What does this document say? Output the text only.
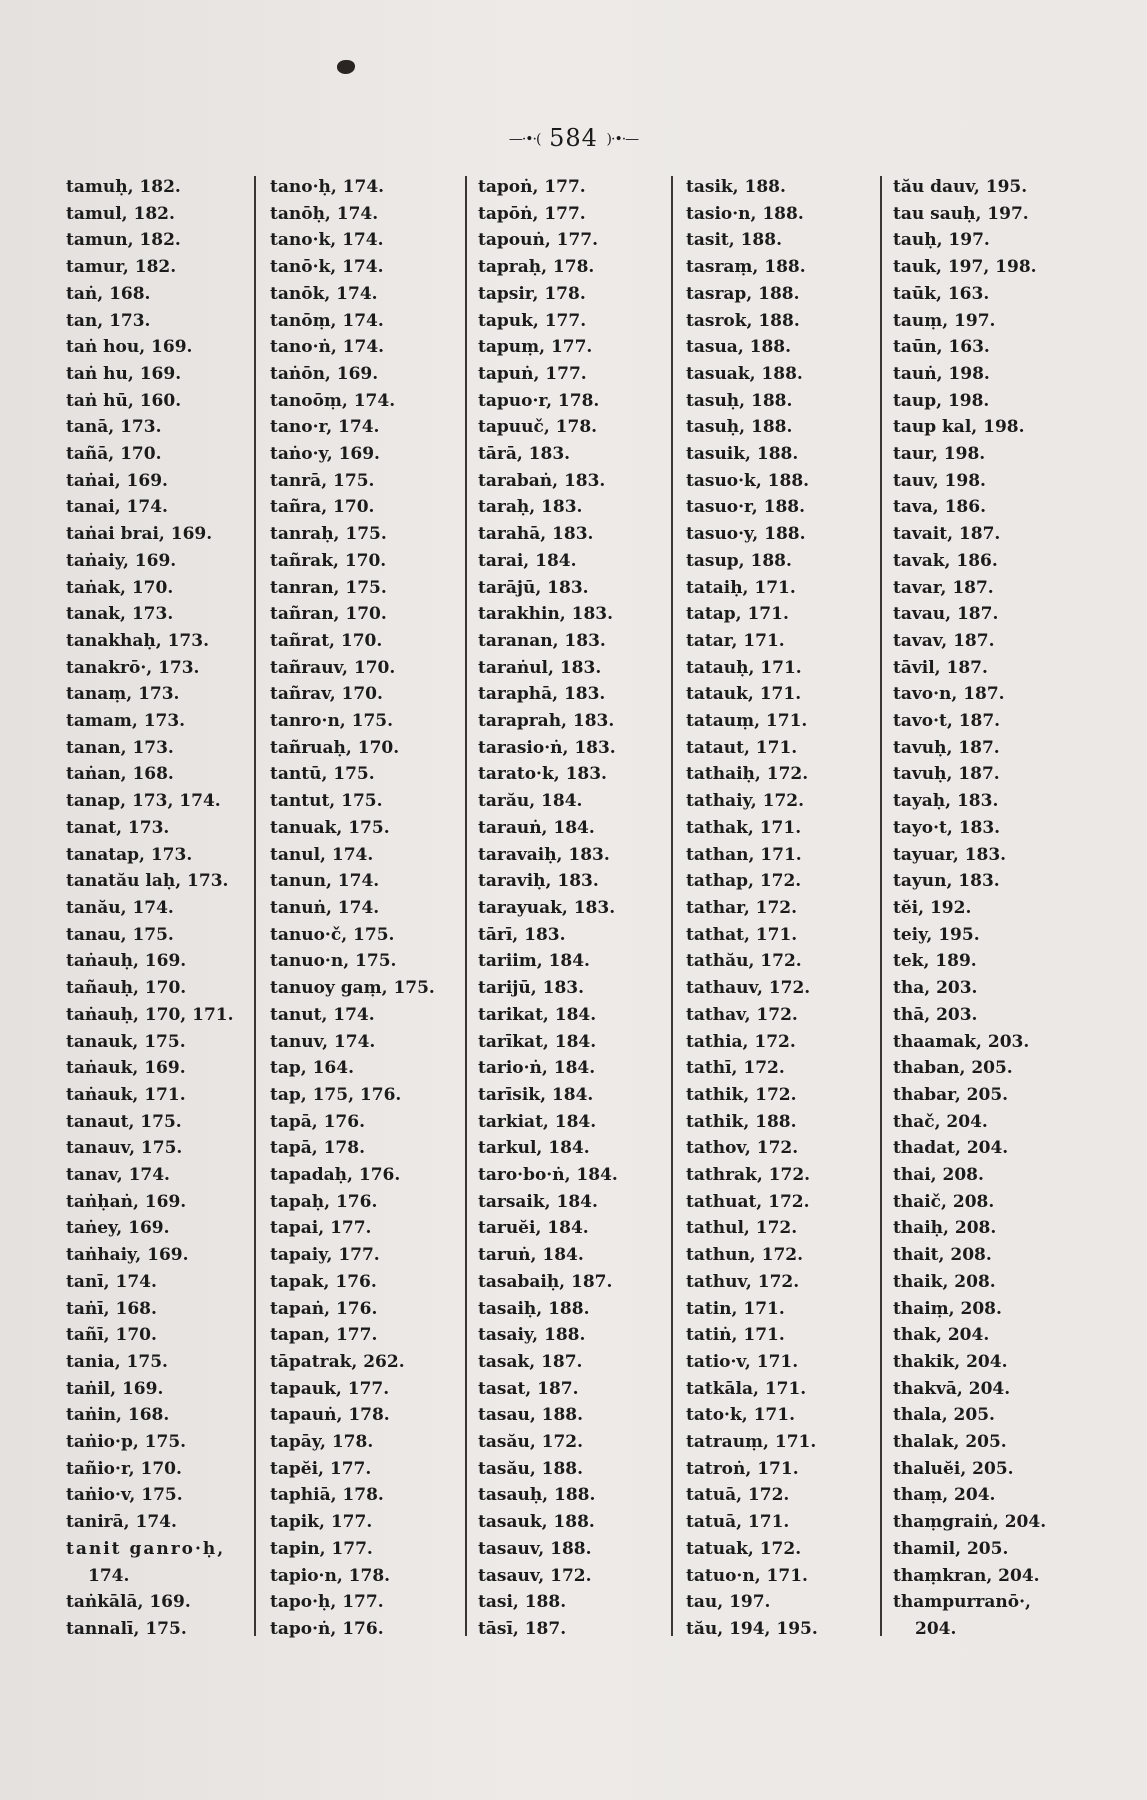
—·•·( 584 )·•·—
tamuḥ, 182.
tamul, 182.
tamun, 182.
tamur, 182.
taṅ, 168.
tan, 173.
taṅ hou, 169.
taṅ hu, 169.
taṅ hū, 160.
tanā, 173.
tañā, 170.
taṅai, 169.
tanai, 174.
taṅai brai, 169.
taṅaiy, 169.
taṅak, 170.
tanak, 173.
tanakhaḥ, 173.
tanakrō·, 173.
tanaṃ, 173.
tamam, 173.
tanan, 173.
taṅan, 168.
tanap, 173, 174.
tanat, 173.
tanatap, 173.
tanatău laḥ, 173.
tanău, 174.
tanau, 175.
taṅauḥ, 169.
tañauḥ, 170.
taṅauḥ, 170, 171.
tanauk, 175.
taṅauk, 169.
taṅauk, 171.
tanaut, 175.
tanauv, 175.
tanav, 174.
taṅḥaṅ, 169.
taṅey, 169.
taṅhaiy, 169.
tanī, 174.
taṅī, 168.
tañī, 170.
tania, 175.
taṅil, 169.
taṅin, 168.
taṅio·p, 175.
tañio·r, 170.
taṅio·v, 175.
tanirā, 174.
tanit ganro·ḥ,
174.
taṅkālā, 169.
tannalī, 175.
tano·ḥ, 174.
tanōḥ, 174.
tano·k, 174.
tanō·k, 174.
tanōk, 174.
tanōṃ, 174.
tano·ṅ, 174.
taṅōn, 169.
tanoōṃ, 174.
tano·r, 174.
taṅo·y, 169.
tanrā, 175.
tañra, 170.
tanraḥ, 175.
tañrak, 170.
tanran, 175.
tañran, 170.
tañrat, 170.
tañrauv, 170.
tañrav, 170.
tanro·n, 175.
tañruaḥ, 170.
tantū, 175.
tantut, 175.
tanuak, 175.
tanul, 174.
tanun, 174.
tanuṅ, 174.
tanuo·č, 175.
tanuo·n, 175.
tanuoy gaṃ, 175.
tanut, 174.
tanuv, 174.
tap, 164.
tap, 175, 176.
tapā, 176.
tapā, 178.
tapadaḥ, 176.
tapaḥ, 176.
tapai, 177.
tapaiy, 177.
tapak, 176.
tapaṅ, 176.
tapan, 177.
tāpatrak, 262.
tapauk, 177.
tapauṅ, 178.
tapāy, 178.
tapĕi, 177.
taphiā, 178.
tapik, 177.
tapin, 177.
tapio·n, 178.
tapo·ḥ, 177.
tapo·ṅ, 176.
tapoṅ, 177.
tapōṅ, 177.
tapouṅ, 177.
tapraḥ, 178.
tapsir, 178.
tapuk, 177.
tapuṃ, 177.
tapuṅ, 177.
tapuo·r, 178.
tapuuč, 178.
tārā, 183.
tarabaṅ, 183.
taraḥ, 183.
tarahā, 183.
tarai, 184.
tarājū, 183.
tarakhin, 183.
taranan, 183.
taraṅul, 183.
taraphā, 183.
taraprah, 183.
tarasio·ṅ, 183.
tarato·k, 183.
tarău, 184.
tarauṅ, 184.
taravaiḥ, 183.
taraviḥ, 183.
tarayuak, 183.
tārī, 183.
tariim, 184.
tarijū, 183.
tarikat, 184.
tarīkat, 184.
tario·ṅ, 184.
tarīsik, 184.
tarkiat, 184.
tarkul, 184.
taro·bo·ṅ, 184.
tarsaik, 184.
taruĕi, 184.
taruṅ, 184.
tasabaiḥ, 187.
tasaiḥ, 188.
tasaiy, 188.
tasak, 187.
tasat, 187.
tasau, 188.
tasău, 172.
tasău, 188.
tasauḥ, 188.
tasauk, 188.
tasauv, 188.
tasauv, 172.
tasi, 188.
tāsī, 187.
tasik, 188.
tasio·n, 188.
tasit, 188.
tasraṃ, 188.
tasrap, 188.
tasrok, 188.
tasua, 188.
tasuak, 188.
tasuḥ, 188.
tasuḥ, 188.
tasuik, 188.
tasuo·k, 188.
tasuo·r, 188.
tasuo·y, 188.
tasup, 188.
tataiḥ, 171.
tatap, 171.
tatar, 171.
tatauḥ, 171.
tatauk, 171.
tatauṃ, 171.
tataut, 171.
tathaiḥ, 172.
tathaiy, 172.
tathak, 171.
tathan, 171.
tathap, 172.
tathar, 172.
tathat, 171.
tathău, 172.
tathauv, 172.
tathav, 172.
tathia, 172.
tathī, 172.
tathik, 172.
tathik, 188.
tathov, 172.
tathrak, 172.
tathuat, 172.
tathul, 172.
tathun, 172.
tathuv, 172.
tatin, 171.
tatiṅ, 171.
tatio·v, 171.
tatkāla, 171.
tato·k, 171.
tatrauṃ, 171.
tatroṅ, 171.
tatuā, 172.
tatuā, 171.
tatuak, 172.
tatuo·n, 171.
tau, 197.
tău, 194, 195.
tău dauv, 195.
tau sauḥ, 197.
tauḥ, 197.
tauk, 197, 198.
taūk, 163.
tauṃ, 197.
taūn, 163.
tauṅ, 198.
taup, 198.
taup kal, 198.
taur, 198.
tauv, 198.
tava, 186.
tavait, 187.
tavak, 186.
tavar, 187.
tavau, 187.
tavav, 187.
tāvil, 187.
tavo·n, 187.
tavo·t, 187.
tavuḥ, 187.
tavuḥ, 187.
tayaḥ, 183.
tayo·t, 183.
tayuar, 183.
tayun, 183.
tĕi, 192.
teiy, 195.
tek, 189.
tha, 203.
thā, 203.
thaamak, 203.
thaban, 205.
thabar, 205.
thač, 204.
thadat, 204.
thai, 208.
thaič, 208.
thaiḥ, 208.
thait, 208.
thaik, 208.
thaiṃ, 208.
thak, 204.
thakik, 204.
thakvā, 204.
thala, 205.
thalak, 205.
thaluĕi, 205.
thaṃ, 204.
thaṃgraiṅ, 204.
thamil, 205.
thaṃkran, 204.
thampurranō·,
204.
